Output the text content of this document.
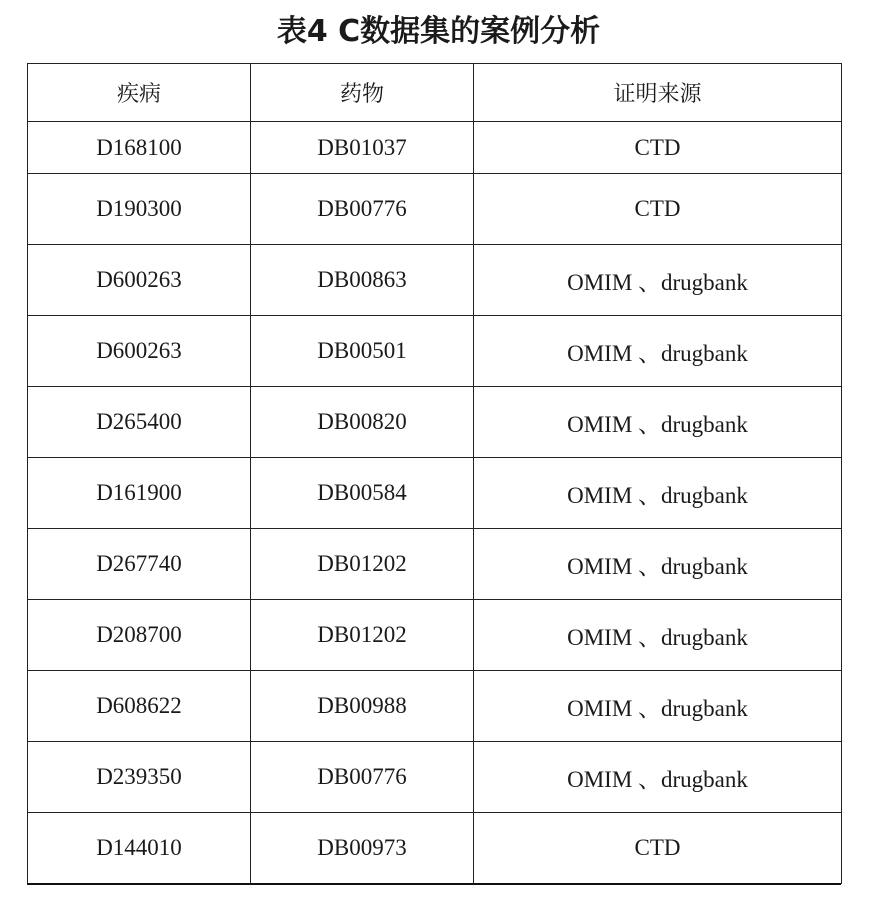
表4 C数据集的案例分析
疾病	药物	证明来源
D168100	DB01037	CTD
D190300	DB00776	CTD
D600263	DB00863	OMIM 、drugbank
D600263	DB00501	OMIM 、drugbank
D265400	DB00820	OMIM 、drugbank
D161900	DB00584	OMIM 、drugbank
D267740	DB01202	OMIM 、drugbank
D208700	DB01202	OMIM 、drugbank
D608622	DB00988	OMIM 、drugbank
D239350	DB00776	OMIM 、drugbank
D144010	DB00973	CTD
